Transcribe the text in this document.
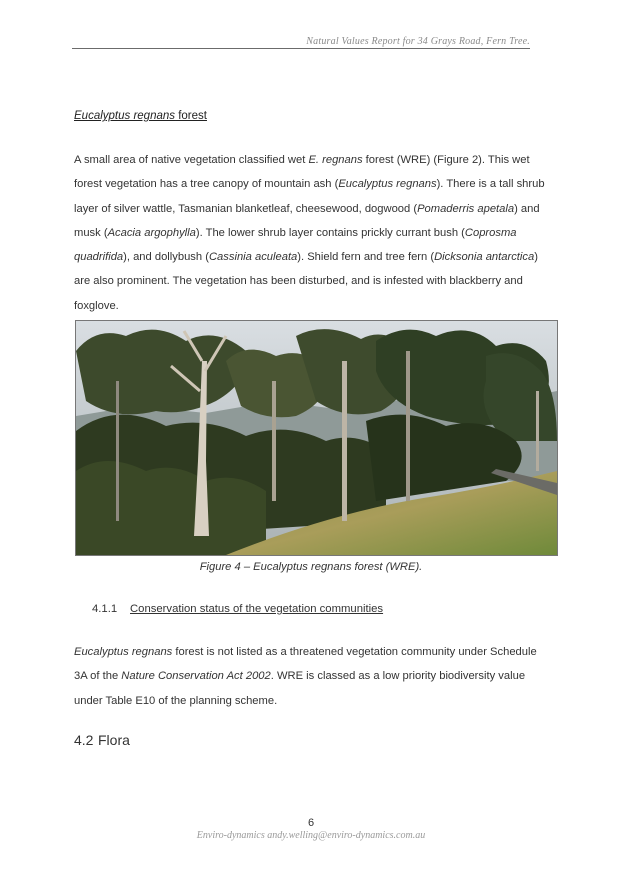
Natural Values Report for 34 Grays Road, Fern Tree.
Eucalyptus regnans forest
A small area of native vegetation classified wet E. regnans forest (WRE) (Figure 2). This wet forest vegetation has a tree canopy of mountain ash (Eucalyptus regnans). There is a tall shrub layer of silver wattle, Tasmanian blanketleaf, cheesewood, dogwood (Pomaderris apetala) and musk (Acacia argophylla). The lower shrub layer contains prickly currant bush (Coprosma quadrifida), and dollybush (Cassinia aculeata). Shield fern and tree fern (Dicksonia antarctica) are also prominent. The vegetation has been disturbed, and is infested with blackberry and foxglove.
Figure 4 – Eucalyptus regnans forest (WRE).
4.1.1 Conservation status of the vegetation communities
Eucalyptus regnans forest is not listed as a threatened vegetation community under Schedule 3A of the Nature Conservation Act 2002. WRE is classed as a low priority biodiversity value under Table E10 of the planning scheme.
4.2 Flora
6
Enviro-dynamics andy.welling@enviro-dynamics.com.au
